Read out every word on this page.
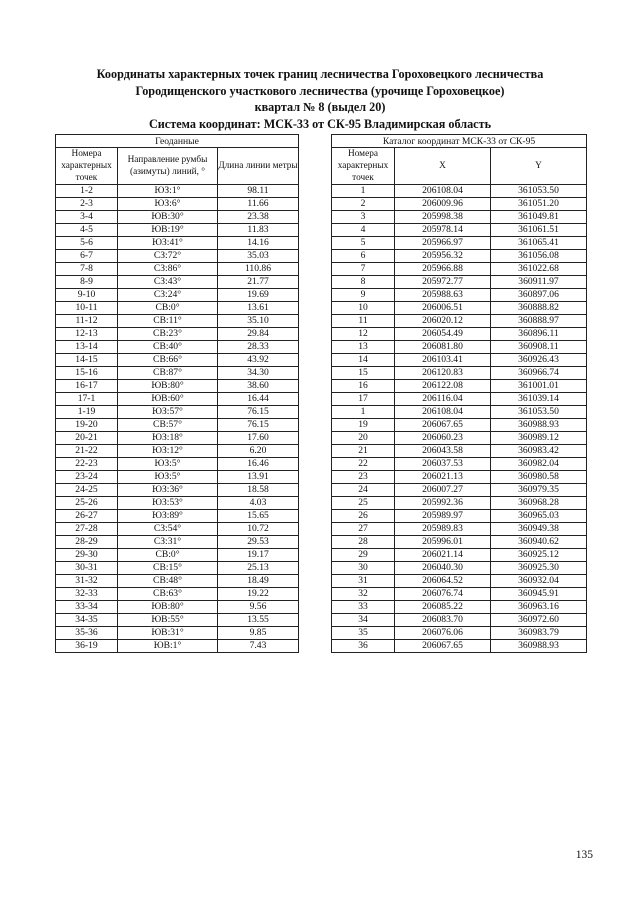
Координаты характерных точек границ лесничества Гороховецкого лесничества
Городищенского участкового лесничества (урочище Гороховецкое)
квартал № 8 (выдел 20)
Система координат: МСК-33 от СК-95 Владимирская область
Геоданные		
Номера характерных точек	Направление румбы (азимуты) линий, °	Длина линии метры
1-2	ЮЗ:1°	98.11
2-3	ЮЗ:6°	11.66
3-4	ЮВ:30°	23.38
4-5	ЮВ:19°	11.83
5-6	ЮЗ:41°	14.16
6-7	СЗ:72°	35.03
7-8	СЗ:86°	110.86
8-9	СЗ:43°	21.77
9-10	СЗ:24°	19.69
10-11	СВ:0°	13.61
11-12	СВ:11°	35.10
12-13	СВ:23°	29.84
13-14	СВ:40°	28.33
14-15	СВ:66°	43.92
15-16	СВ:87°	34.30
16-17	ЮВ:80°	38.60
17-1	ЮВ:60°	16.44
1-19	ЮЗ:57°	76.15
19-20	СВ:57°	76.15
20-21	ЮЗ:18°	17.60
21-22	ЮЗ:12°	6.20
22-23	ЮЗ:5°	16.46
23-24	ЮЗ:5°	13.91
24-25	ЮЗ:36°	18.58
25-26	ЮЗ:53°	4.03
26-27	ЮЗ:89°	15.65
27-28	СЗ:54°	10.72
28-29	СЗ:31°	29.53
29-30	СВ:0°	19.17
30-31	СВ:15°	25.13
31-32	СВ:48°	18.49
32-33	СВ:63°	19.22
33-34	ЮВ:80°	9.56
34-35	ЮВ:55°	13.55
35-36	ЮВ:31°	9.85
36-19	ЮВ:1°	7.43
Каталог координат МСК-33 от СК-95		
Номера характерных точек	X	Y
1	206108.04	361053.50
2	206009.96	361051.20
3	205998.38	361049.81
4	205978.14	361061.51
5	205966.97	361065.41
6	205956.32	361056.08
7	205966.88	361022.68
8	205972.77	360911.97
9	205988.63	360897.06
10	206006.51	360888.82
11	206020.12	360888.97
12	206054.49	360896.11
13	206081.80	360908.11
14	206103.41	360926.43
15	206120.83	360966.74
16	206122.08	361001.01
17	206116.04	361039.14
1	206108.04	361053.50
19	206067.65	360988.93
20	206060.23	360989.12
21	206043.58	360983.42
22	206037.53	360982.04
23	206021.13	360980.58
24	206007.27	360979.35
25	205992.36	360968.28
26	205989.97	360965.03
27	205989.83	360949.38
28	205996.01	360940.62
29	206021.14	360925.12
30	206040.30	360925.30
31	206064.52	360932.04
32	206076.74	360945.91
33	206085.22	360963.16
34	206083.70	360972.60
35	206076.06	360983.79
36	206067.65	360988.93
135
